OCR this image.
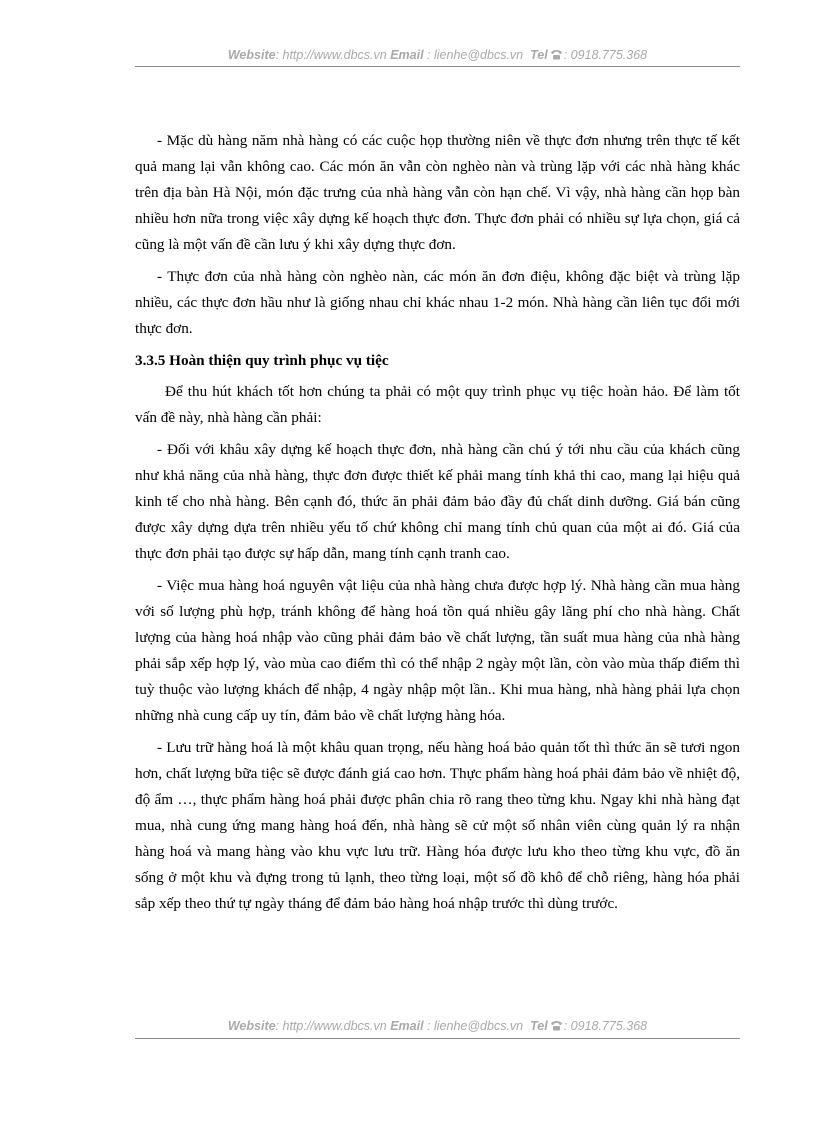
Website: http://www.dbcs.vn Email : lienhe@dbcs.vn Tel : 0918.775.368

- Mặc dù hàng năm nhà hàng có các cuộc họp thường niên về thực đơn nhưng trên thực tế kết quả mang lại vẫn không cao. Các món ăn vẫn còn nghèo nàn và trùng lặp với các nhà hàng khác trên địa bàn Hà Nội, món đặc trưng của nhà hàng vẫn còn hạn chế. Vì vậy, nhà hàng cần họp bàn nhiều hơn nữa trong việc xây dựng kế hoạch thực đơn. Thực đơn phải có nhiều sự lựa chọn, giá cả cũng là một vấn đề cần lưu ý khi xây dựng thực đơn.

- Thực đơn của nhà hàng còn nghèo nàn, các món ăn đơn điệu, không đặc biệt và trùng lặp nhiều, các thực đơn hầu như là giống nhau chỉ khác nhau 1-2 món. Nhà hàng cần liên tục đổi mới thực đơn.

3.3.5 Hoàn thiện quy trình phục vụ tiệc

Để thu hút khách tốt hơn chúng ta phải có một quy trình phục vụ tiệc hoàn hảo. Để làm tốt vấn đề này, nhà hàng cần phải:

- Đối với khâu xây dựng kế hoạch thực đơn, nhà hàng cần chú ý tới nhu cầu của khách cũng như khả năng của nhà hàng, thực đơn được thiết kế phải mang tính khả thi cao, mang lại hiệu quả kinh tế cho nhà hàng. Bên cạnh đó, thức ăn phải đảm bảo đầy đủ chất dinh dưỡng. Giá bán cũng được xây dựng dựa trên nhiều yếu tố chứ không chỉ mang tính chủ quan của một ai đó. Giá của thực đơn phải tạo được sự hấp dẫn, mang tính cạnh tranh cao.

- Việc mua hàng hoá nguyên vật liệu của nhà hàng chưa được hợp lý. Nhà hàng cần mua hàng với số lượng phù hợp, tránh không để hàng hoá tồn quá nhiều gây lãng phí cho nhà hàng. Chất lượng của hàng hoá nhập vào cũng phải đảm bảo về chất lượng, tần suất mua hàng của nhà hàng phải sắp xếp hợp lý, vào mùa cao điểm thì có thể nhập 2 ngày một lần, còn vào mùa thấp điểm thì tuỳ thuộc vào lượng khách để nhập, 4 ngày nhập một lần.. Khi mua hàng, nhà hàng phải lựa chọn những nhà cung cấp uy tín, đảm bảo về chất lượng hàng hóa.

- Lưu trữ hàng hoá là một khâu quan trọng, nếu hàng hoá bảo quản tốt thì thức ăn sẽ tươi ngon hơn, chất lượng bữa tiệc sẽ được đánh giá cao hơn. Thực phẩm hàng hoá phải đảm bảo về nhiệt độ, độ ẩm …, thực phẩm hàng hoá phải được phân chia rõ rang theo từng khu. Ngay khi nhà hàng đạt mua, nhà cung ứng mang hàng hoá đến, nhà hàng sẽ cử một số nhân viên cùng quản lý ra nhận hàng hoá và mang hàng vào khu vực lưu trữ. Hàng hóa được lưu kho theo từng khu vực, đồ ăn sống ở một khu và đựng trong tủ lạnh, theo từng loại, một số đồ khô để chỗ riêng, hàng hóa phải sắp xếp theo thứ tự ngày tháng để đảm bảo hàng hoá nhập trước thì dùng trước.

Website: http://www.dbcs.vn Email : lienhe@dbcs.vn Tel : 0918.775.368
